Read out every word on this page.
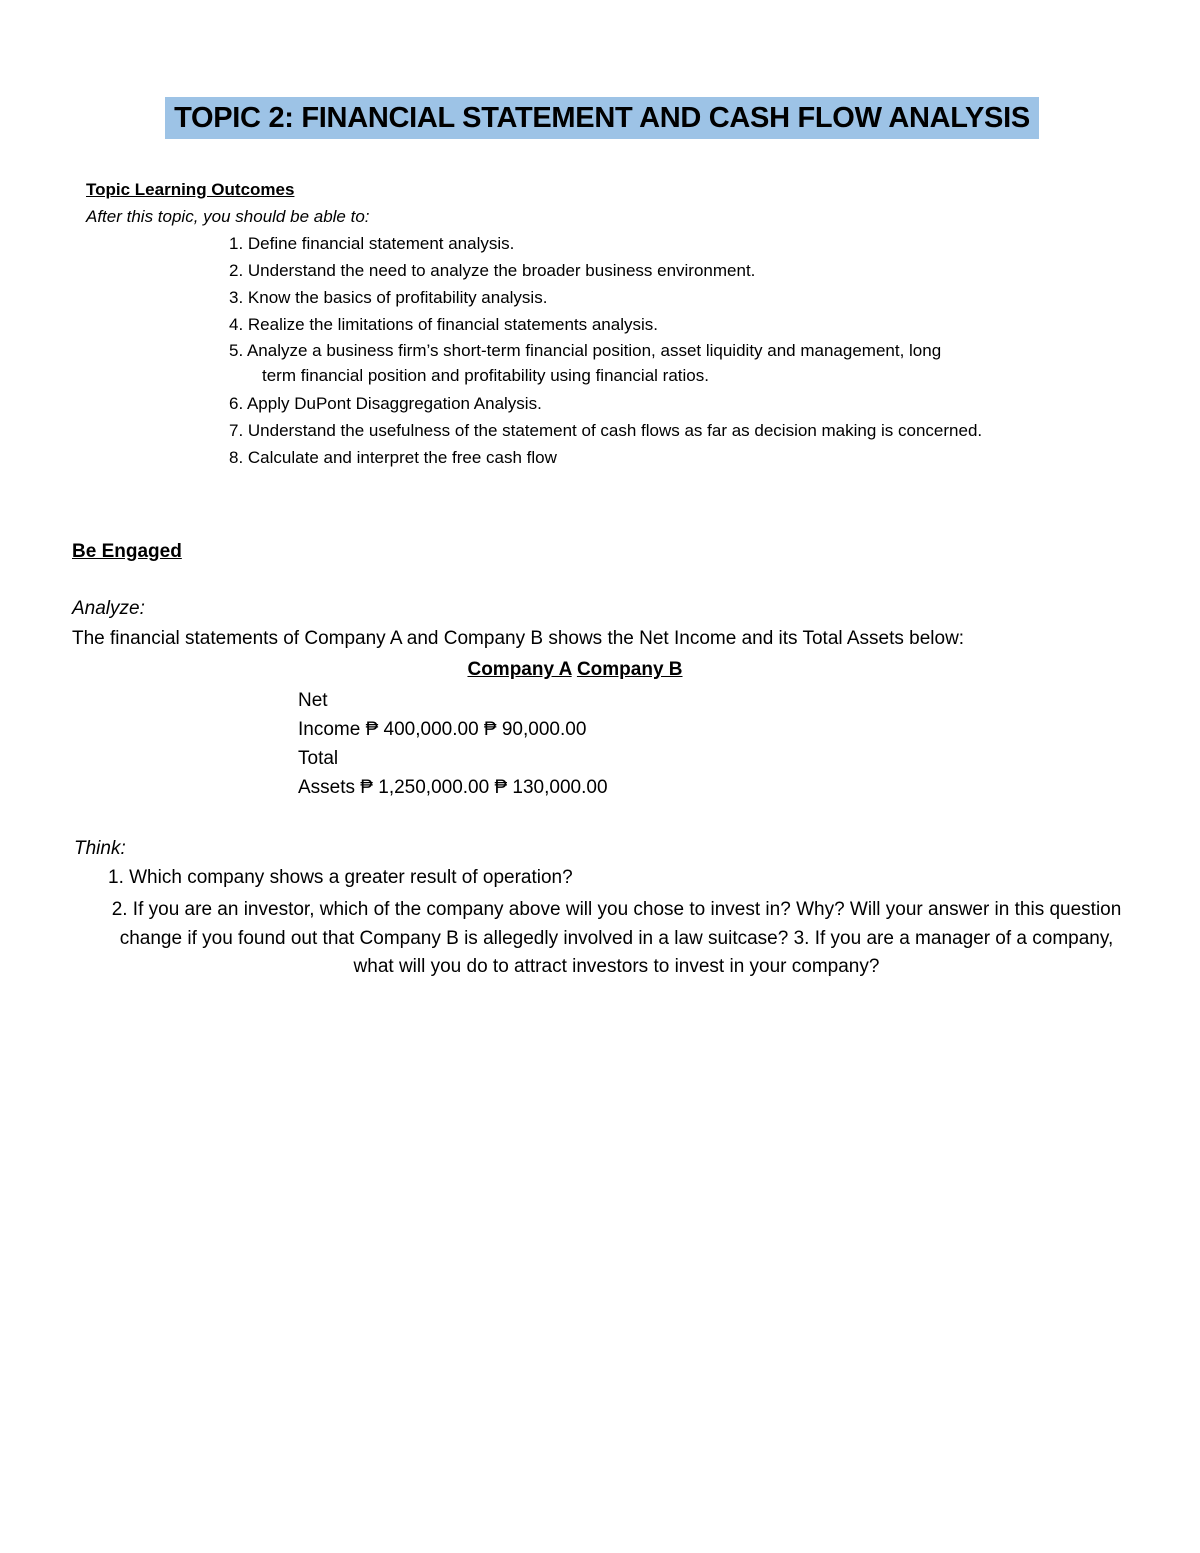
TOPIC 2: FINANCIAL STATEMENT AND CASH FLOW ANALYSIS
Topic Learning Outcomes
After this topic, you should be able to:
1. Define financial statement analysis.
2. Understand the need to analyze the broader business environment.
3. Know the basics of profitability analysis.
4. Realize the limitations of financial statements analysis.
5. Analyze a business firm’s short-term financial position, asset liquidity and management, long
term financial position and profitability using financial ratios.
6. Apply DuPont Disaggregation Analysis.
7. Understand the usefulness of the statement of cash flows as far as decision making is concerned.
8. Calculate and interpret the free cash flow
Be Engaged
Analyze:
The financial statements of Company A and Company B shows the Net Income and its Total Assets below:
Company A Company B
Net
Income ₱ 400,000.00 ₱ 90,000.00
Total
Assets ₱ 1,250,000.00 ₱ 130,000.00
Think:
1. Which company shows a greater result of operation?
2. If you are an investor, which of the company above will you chose to invest in? Why? Will your answer in this question change if you found out that Company B is allegedly involved in a law suitcase? 3. If you are a manager of a company, what will you do to attract investors to invest in your company?
